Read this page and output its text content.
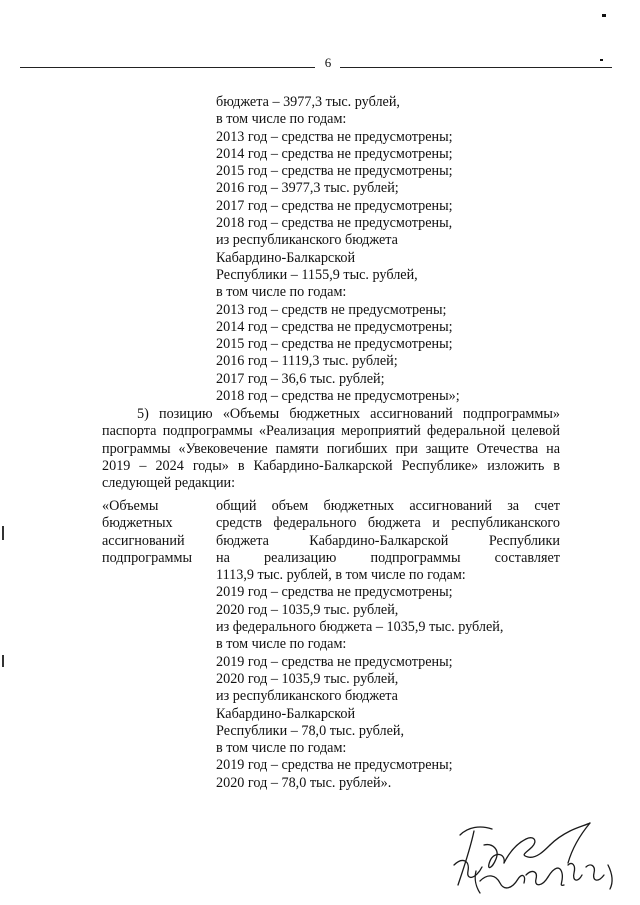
6
бюджета – 3977,3 тыс. рублей,
в том числе по годам:
2013 год – средства не предусмотрены;
2014 год – средства не предусмотрены;
2015 год – средства не предусмотрены;
2016 год – 3977,3 тыс. рублей;
2017 год – средства не предусмотрены;
2018 год – средства не предусмотрены,
из республиканского бюджета
Кабардино-Балкарской
Республики – 1155,9 тыс. рублей,
в том числе по годам:
2013 год – средств не предусмотрены;
2014 год – средства не предусмотрены;
2015 год – средства не предусмотрены;
2016 год – 1119,3 тыс. рублей;
2017 год – 36,6 тыс. рублей;
2018 год – средства не предусмотрены»;
5) позицию «Объемы бюджетных ассигнований подпрограммы» паспорта подпрограммы «Реализация мероприятий федеральной целевой программы «Увековечение памяти погибших при защите Отечества на 2019 – 2024 годы» в Кабардино-Балкарской Республике» изложить в следующей редакции:
«Объемы
бюджетных
ассигнований
подпрограммы
общий объем бюджетных ассигнований за счет
средств федерального бюджета и республиканского
бюджета Кабардино-Балкарской Республики
на реализацию подпрограммы составляет
1113,9 тыс. рублей, в том числе по годам:
2019 год – средства не предусмотрены;
2020 год – 1035,9 тыс. рублей,
из федерального бюджета – 1035,9 тыс. рублей,
в том числе по годам:
2019 год – средства не предусмотрены;
2020 год – 1035,9 тыс. рублей,
из республиканского бюджета
Кабардино-Балкарской
Республики – 78,0 тыс. рублей,
в том числе по годам:
2019 год – средства не предусмотрены;
2020 год – 78,0 тыс. рублей».
